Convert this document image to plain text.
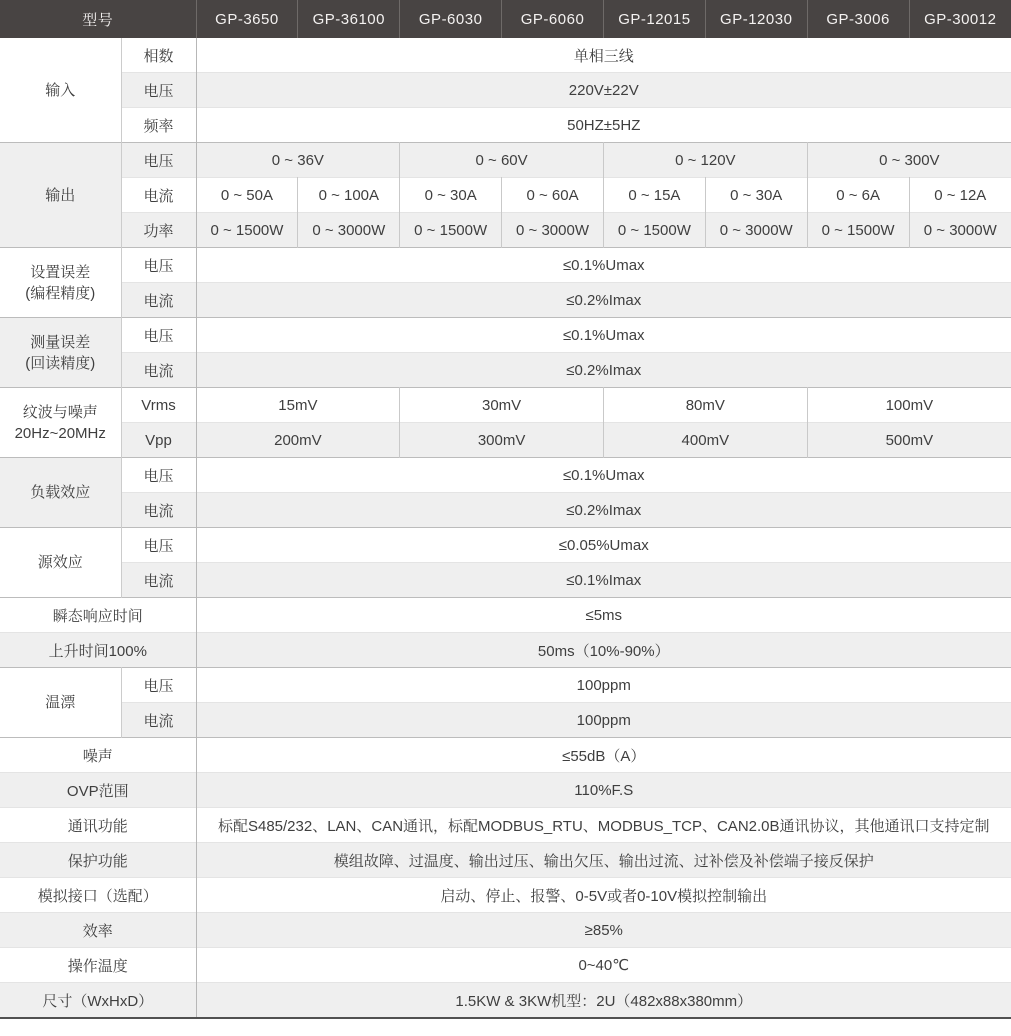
型号		GP-3650	GP-36100	GP-6030	GP-6060	GP-12015	GP-12030	GP-3006	GP-30012
输入	相数	单相三线							
	电压	220V±22V							
	频率	50HZ±5HZ							
输出	电压	0 ~ 36V		0 ~ 60V		0 ~ 120V		0 ~ 300V	
	电流	0 ~ 50A	0 ~ 100A	0 ~ 30A	0 ~ 60A	0 ~ 15A	0 ~ 30A	0 ~ 6A	0 ~ 12A
	功率	0 ~ 1500W	0 ~ 3000W	0 ~ 1500W	0 ~ 3000W	0 ~ 1500W	0 ~ 3000W	0 ~ 1500W	0 ~ 3000W
设置误差
(编程精度)	电压	≤0.1%Umax							
	电流	≤0.2%Imax							
测量误差
(回读精度)	电压	≤0.1%Umax							
	电流	≤0.2%Imax							
纹波与噪声
20Hz~20MHz	Vrms	15mV		30mV		80mV		100mV	
	Vpp	200mV		300mV		400mV		500mV	
负载效应	电压	≤0.1%Umax							
	电流	≤0.2%Imax							
源效应	电压	≤0.05%Umax							
	电流	≤0.1%Imax							
瞬态响应时间		≤5ms							
上升时间100%		50ms（10%-90%）							
温漂	电压	100ppm							
	电流	100ppm							
噪声		≤55dB（A）							
OVP范围		110%F.S							
通讯功能		标配S485/232、LAN、CAN通讯，标配MODBUS_RTU、MODBUS_TCP、CAN2.0B通讯协议，其他通讯口支持定制							
保护功能		模组故障、过温度、输出过压、输出欠压、输出过流、过补偿及补偿端子接反保护							
模拟接口（选配）		启动、停止、报警、0-5V或者0-10V模拟控制输出							
效率		≥85%							
操作温度		0~40℃							
尺寸（WxHxD）		1.5KW & 3KW机型：2U（482x88x380mm）							
